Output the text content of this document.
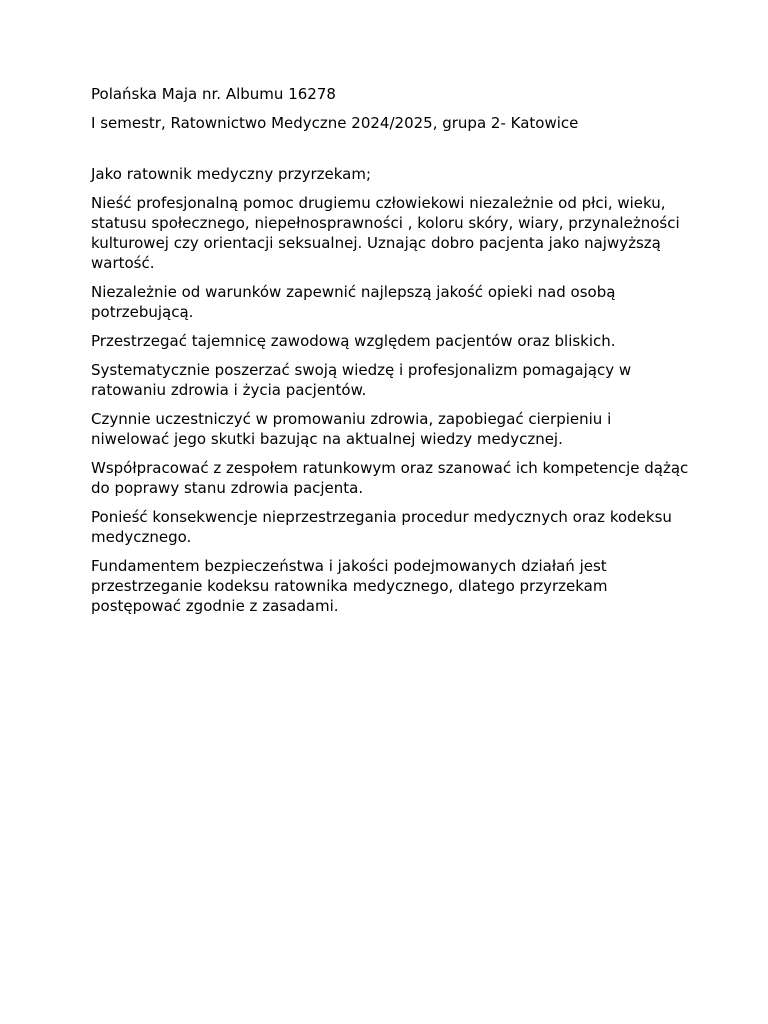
Polańska Maja nr. Albumu 16278

I semestr, Ratownictwo Medyczne 2024/2025, grupa 2- Katowice

Jako ratownik medyczny przyrzekam;

Nieść profesjonalną pomoc drugiemu człowiekowi niezależnie od płci, wieku, statusu społecznego, niepełnosprawności , koloru skóry, wiary, przynależności kulturowej czy orientacji seksualnej. Uznając dobro pacjenta jako najwyższą wartość.

Niezależnie od warunków zapewnić najlepszą jakość opieki nad osobą potrzebującą.

Przestrzegać tajemnicę zawodową względem pacjentów oraz bliskich.

Systematycznie poszerzać swoją wiedzę i profesjonalizm pomagający w ratowaniu zdrowia i życia pacjentów.

Czynnie uczestniczyć w promowaniu zdrowia, zapobiegać cierpieniu i niwelować jego skutki bazując na aktualnej wiedzy medycznej.

Współpracować z zespołem ratunkowym oraz szanować ich kompetencje dążąc do poprawy stanu zdrowia pacjenta.

Ponieść konsekwencje nieprzestrzegania procedur medycznych oraz kodeksu medycznego.

Fundamentem bezpieczeństwa i jakości podejmowanych działań jest przestrzeganie kodeksu ratownika medycznego, dlatego przyrzekam postępować zgodnie z zasadami.
